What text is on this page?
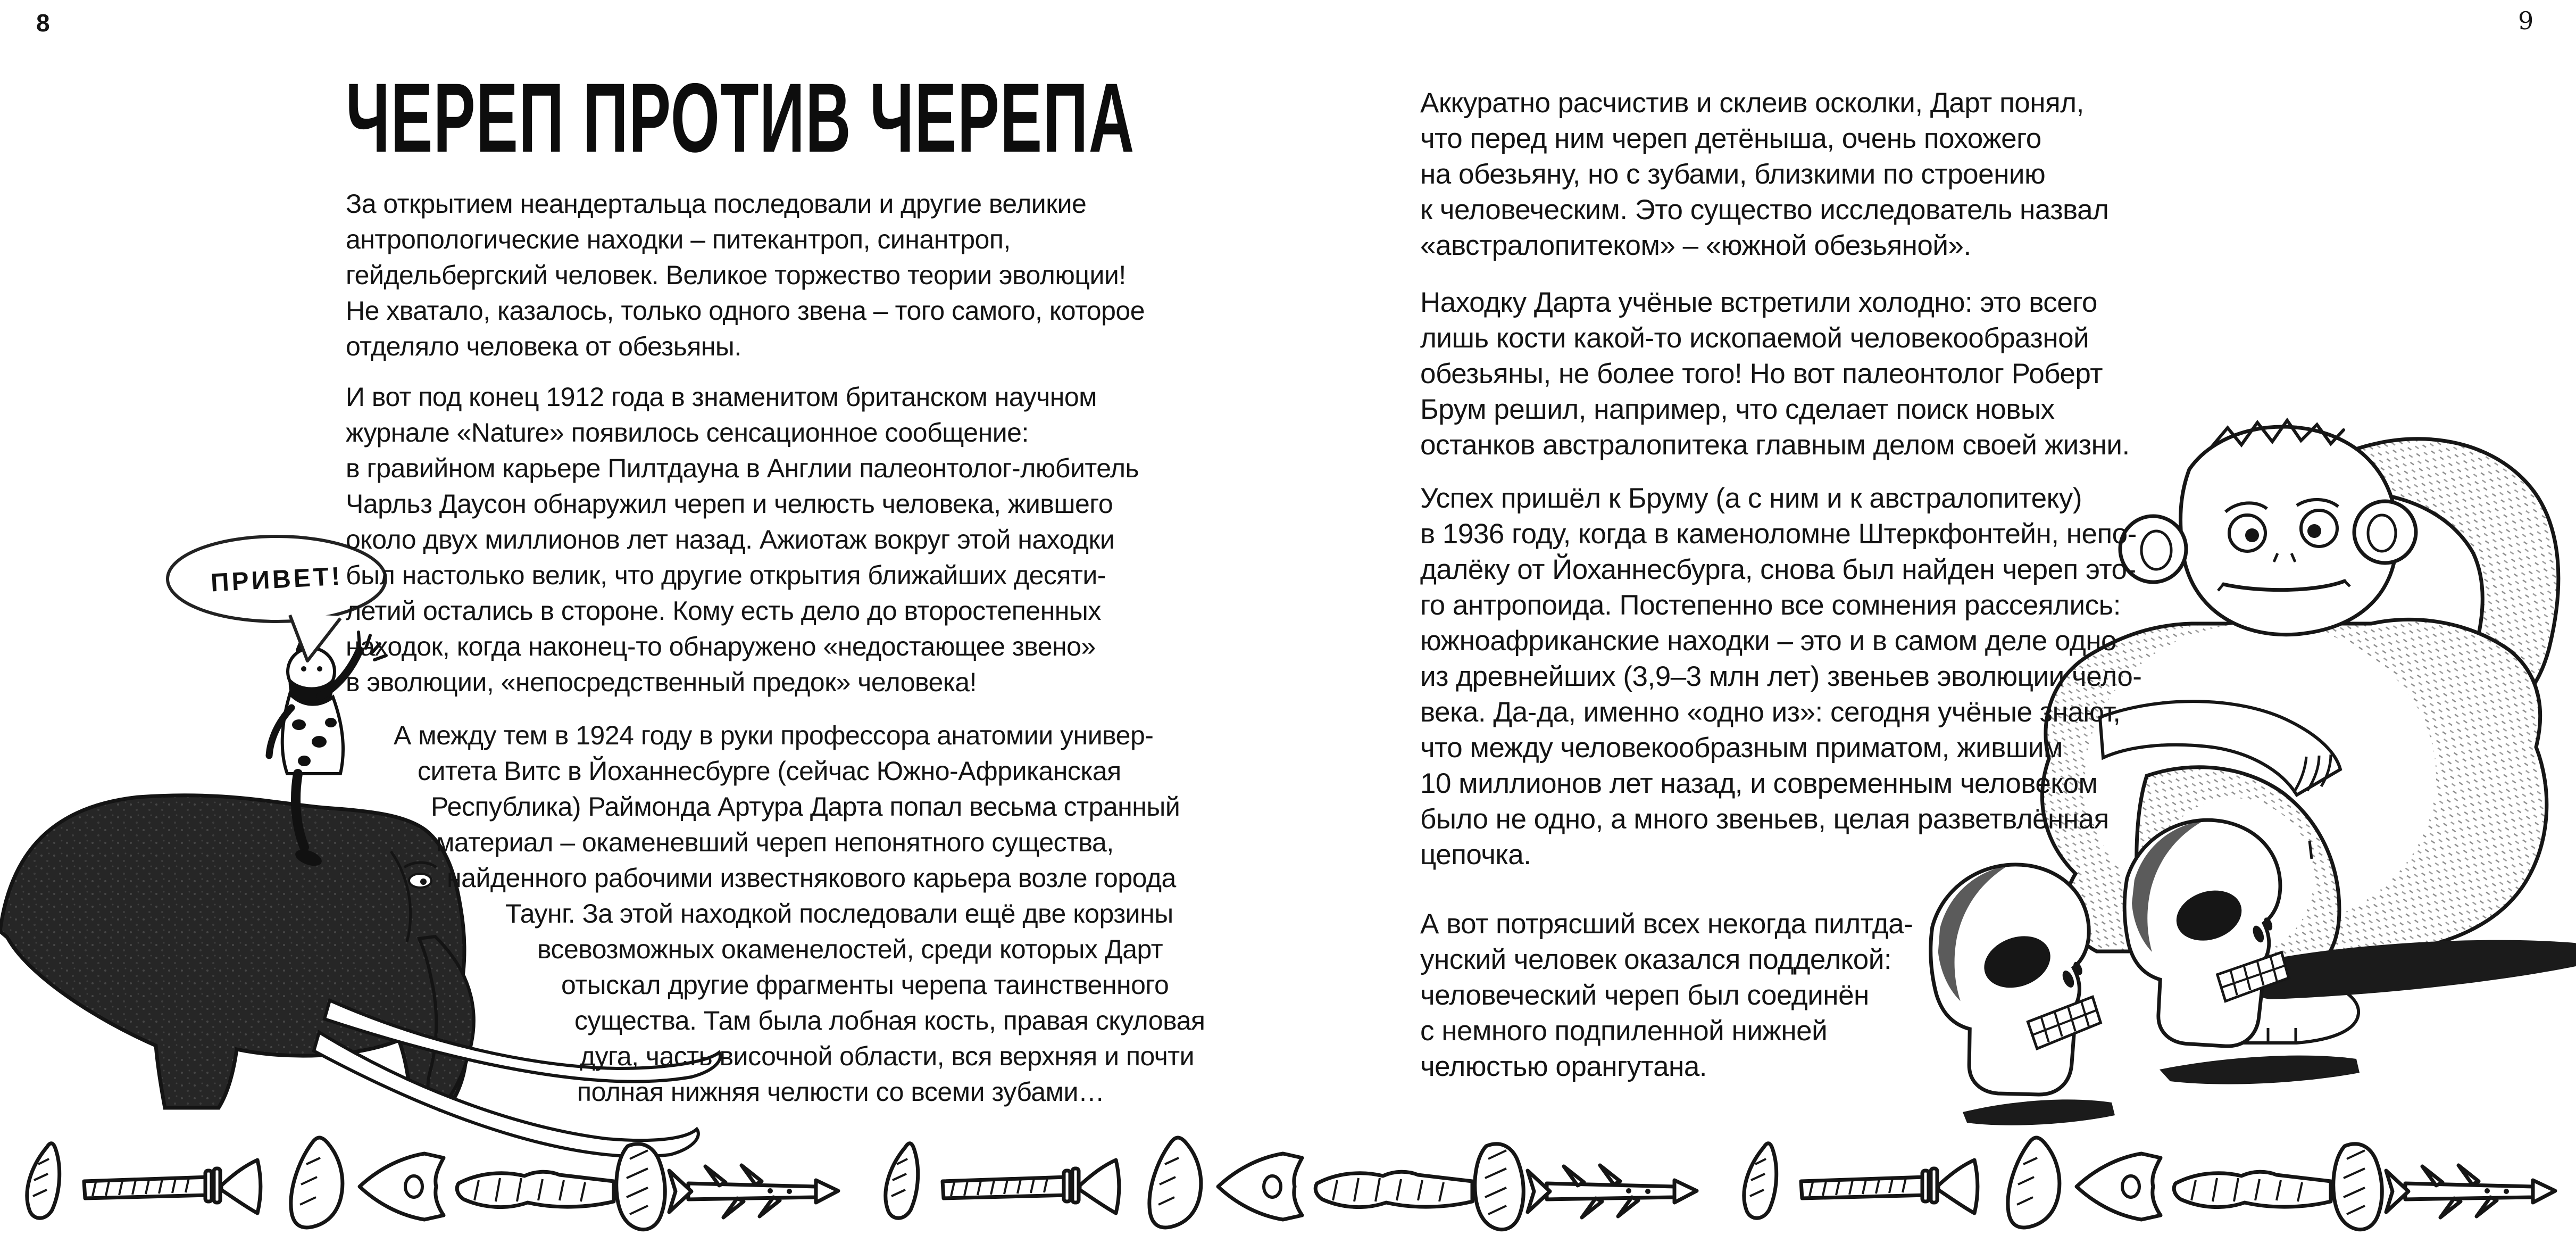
8	9
ПРИВЕТ!
ЧЕРЕП ПРОТИВ ЧЕРЕПА
За открытием неандертальца последовали и другие великие
антропологические находки – питекантроп, синантроп,
гейдельбергский человек. Великое торжество теории эволюции!
Не хватало, казалось, только одного звена – того самого, которое
отделяло человека от обезьяны.
И вот под конец 1912 года в знаменитом британском научном
журнале «Nature» появилось сенсационное сообщение:
в гравийном карьере Пилтдауна в Англии палеонтолог-любитель
Чарльз Даусон обнаружил череп и челюсть человека, жившего
около двух миллионов лет назад. Ажиотаж вокруг этой находки
был настолько велик, что другие открытия ближайших десяти-
летий остались в стороне. Кому есть дело до второстепенных
находок, когда наконец-то обнаружено «недостающее звено»
в эволюции, «непосредственный предок» человека!
А между тем в 1924 году в руки профессора анатомии универ-
ситета Витс в Йоханнесбурге (сейчас Южно-Африканская
Республика) Раймонда Артура Дарта попал весьма странный
материал – окаменевший череп непонятного существа,
найденного рабочими известнякового карьера возле города
Таунг. За этой находкой последовали ещё две корзины
всевозможных окаменелостей, среди которых Дарт
отыскал другие фрагменты черепа таинственного
существа. Там была лобная кость, правая скуловая
дуга, часть височной области, вся верхняя и почти
полная нижняя челюсти со всеми зубами…
Аккуратно расчистив и склеив осколки, Дарт понял,
что перед ним череп детёныша, очень похожего
на обезьяну, но с зубами, близкими по строению
к человеческим. Это существо исследователь назвал
«австралопитеком» – «южной обезьяной».
Находку Дарта учёные встретили холодно: это всего
лишь кости какой-то ископаемой человекообразной
обезьяны, не более того! Но вот палеонтолог Роберт
Брум решил, например, что сделает поиск новых
останков австралопитека главным делом своей жизни.
Успех пришёл к Бруму (а с ним и к австралопитеку)
в 1936 году, когда в каменоломне Штеркфонтейн, непо-
далёку от Йоханнесбурга, снова был найден череп это-
го антропоида. Постепенно все сомнения рассеялись:
южноафриканские находки – это и в самом деле одно
из древнейших (3,9–3 млн лет) звеньев эволюции чело-
века. Да-да, именно «одно из»: сегодня учёные знают,
что между человекообразным приматом, жившим
10 миллионов лет назад, и современным человеком
было не одно, а много звеньев, целая разветвлённая
цепочка.
А вот потрясший всех некогда пилтда-
унский человек оказался подделкой:
человеческий череп был соединён
с немного подпиленной нижней
челюстью орангутана.
